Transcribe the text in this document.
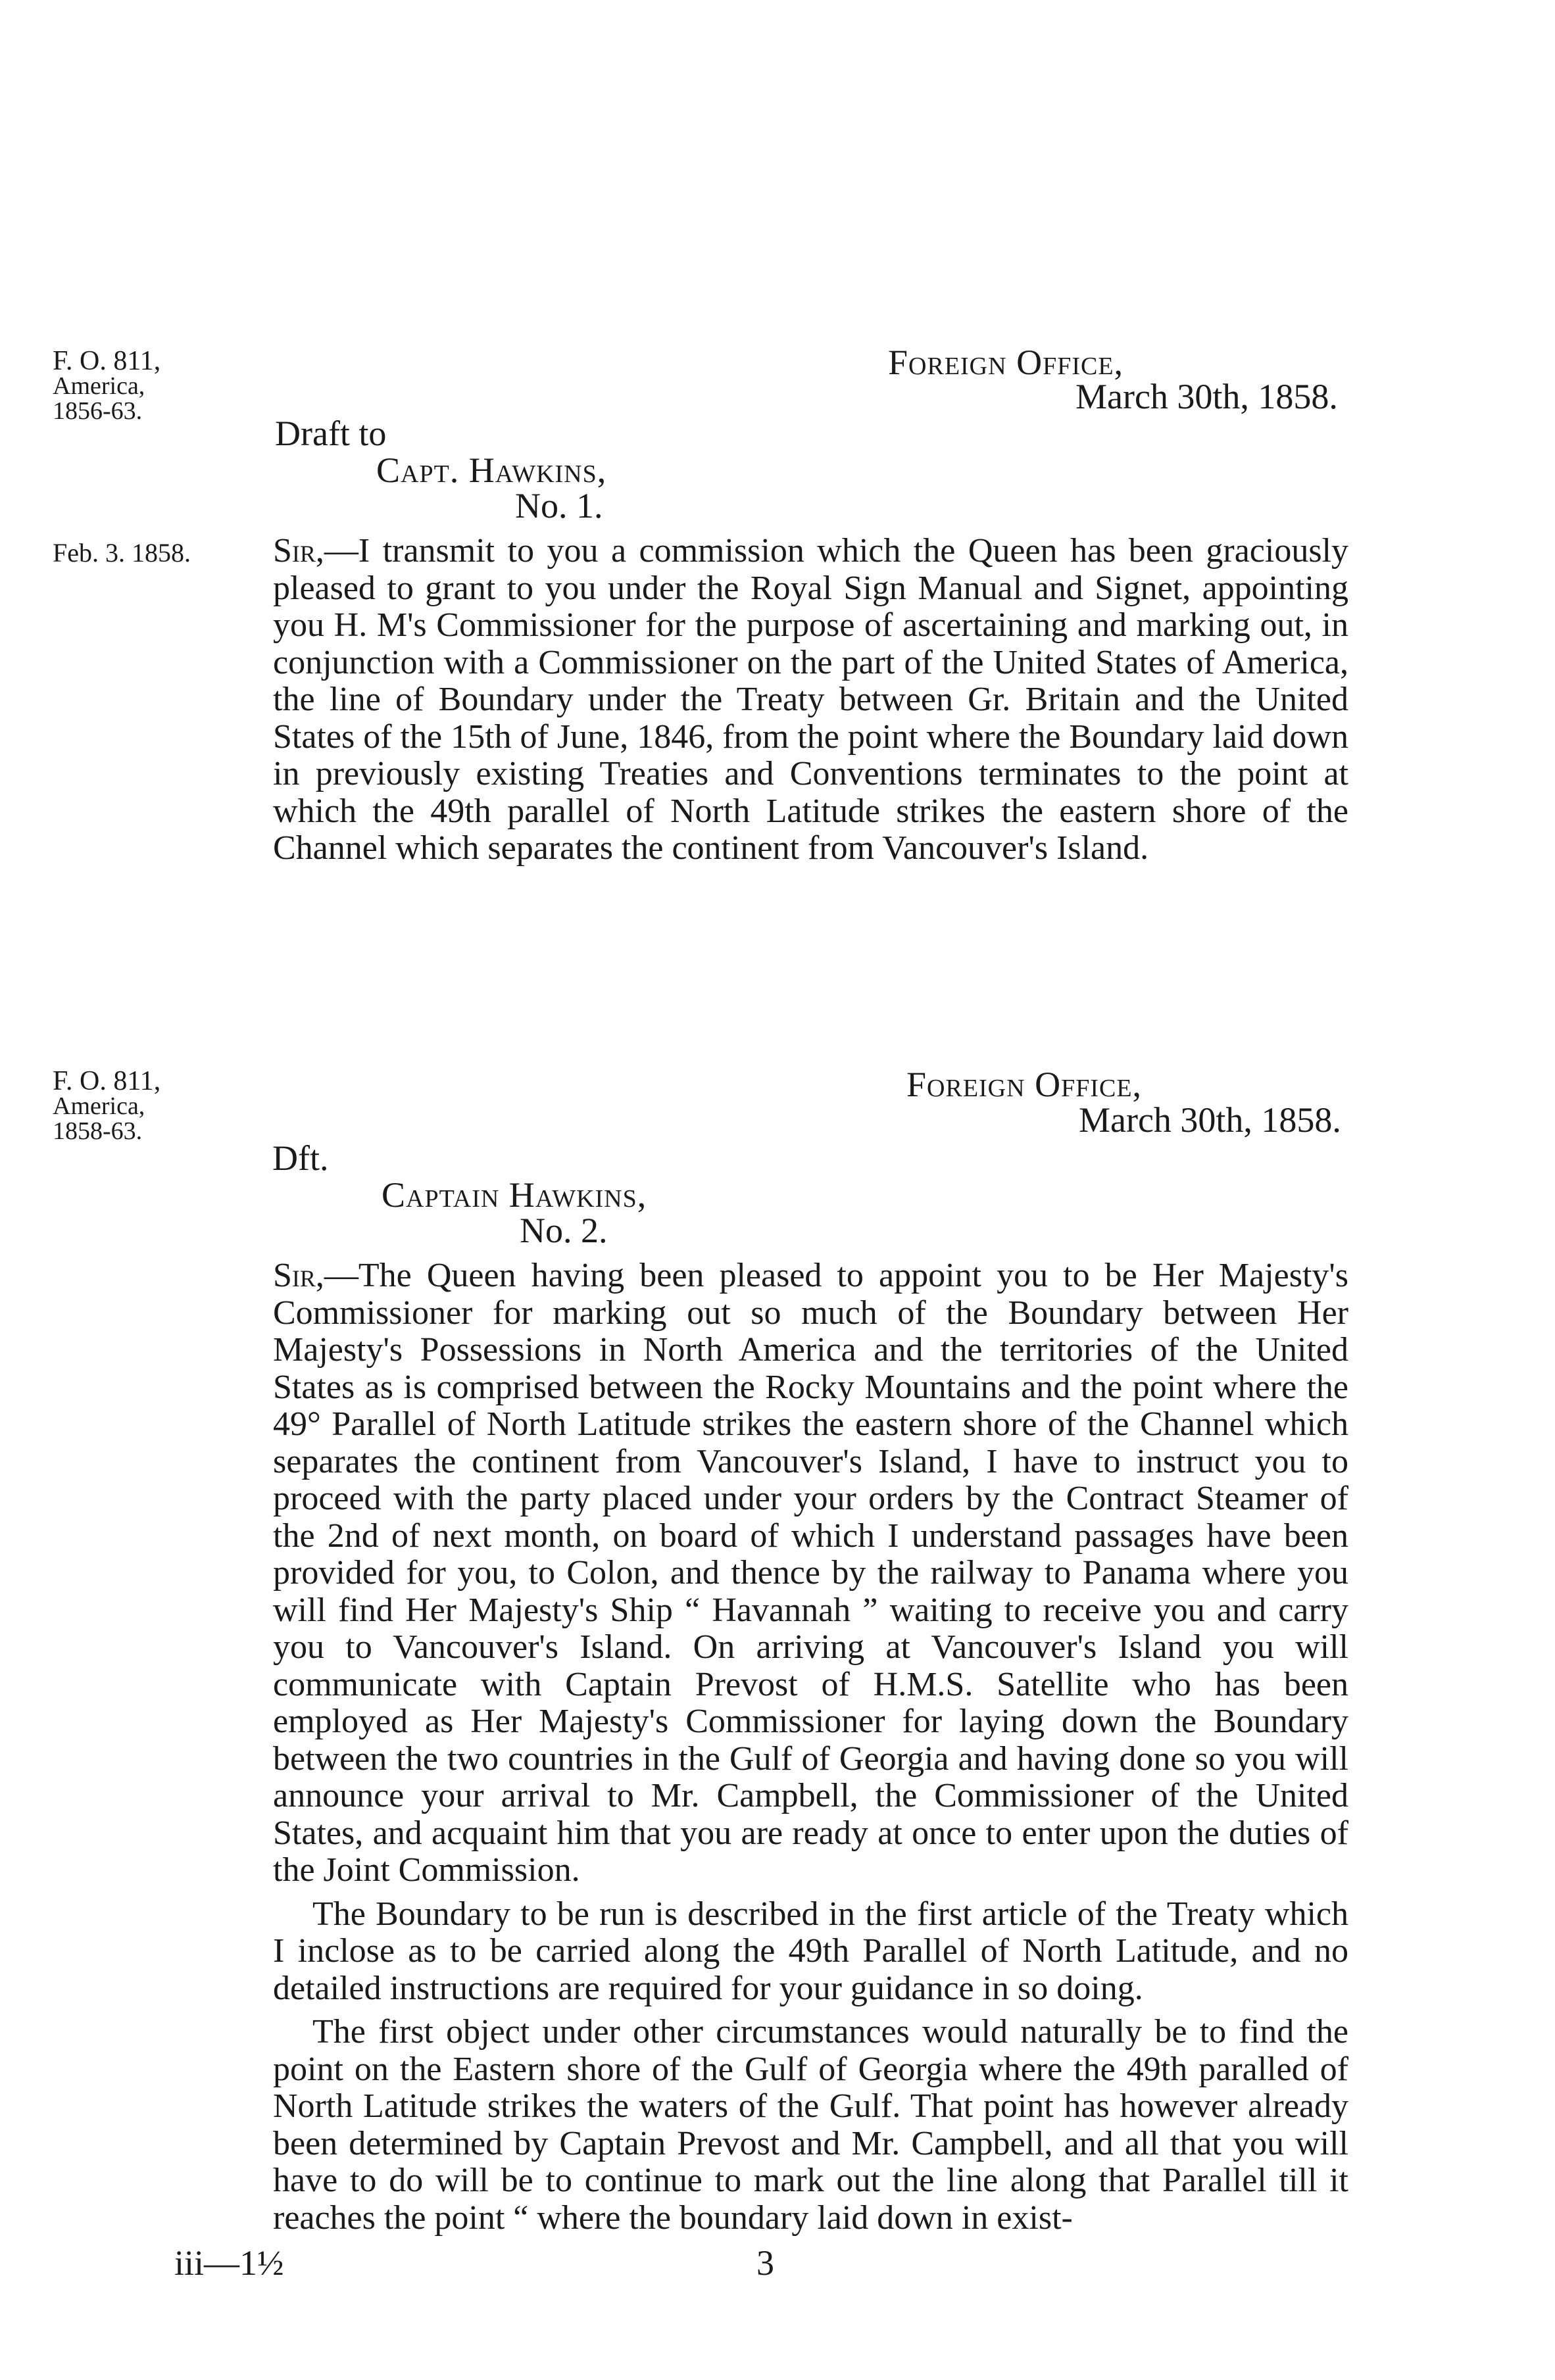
F. O. 811,
America,
1856-63.
Foreign Office,
March 30th, 1858.
Draft to
Capt. Hawkins,
No. 1.
Feb. 3. 1858. Sir,—I transmit to you a commission which the Queen has been graciously pleased to grant to you under the Royal Sign Manual and Signet, appointing you H. M's Commissioner for the purpose of ascertaining and marking out, in conjunction with a Commissioner on the part of the United States of America, the line of Boundary under the Treaty between Gr. Britain and the United States of the 15th of June, 1846, from the point where the Boundary laid down in previously existing Treaties and Conventions terminates to the point at which the 49th parallel of North Latitude strikes the eastern shore of the Channel which separates the continent from Vancouver's Island.

F. O. 811,
America,
1858-63.
Foreign Office,
March 30th, 1858.
Dft.
Captain Hawkins,
No. 2.

Sir,—The Queen having been pleased to appoint you to be Her Majesty's Commissioner for marking out so much of the Boundary between Her Majesty's Possessions in North America and the territories of the United States as is comprised between the Rocky Mountains and the point where the 49° Parallel of North Latitude strikes the eastern shore of the Channel which separates the continent from Vancouver's Island, I have to instruct you to proceed with the party placed under your orders by the Contract Steamer of the 2nd of next month, on board of which I understand passages have been provided for you, to Colon, and thence by the railway to Panama where you will find Her Majesty's Ship “ Havannah ” waiting to receive you and carry you to Vancouver's Island. On arriving at Vancouver's Island you will communicate with Captain Prevost of H.M.S. Satellite who has been employed as Her Majesty's Commissioner for laying down the Boundary between the two countries in the Gulf of Georgia and having done so you will announce your arrival to Mr. Campbell, the Commissioner of the United States, and acquaint him that you are ready at once to enter upon the duties of the Joint Commission.

The Boundary to be run is described in the first article of the Treaty which I inclose as to be carried along the 49th Parallel of North Latitude, and no detailed instructions are required for your guidance in so doing.

The first object under other circumstances would naturally be to find the point on the Eastern shore of the Gulf of Georgia where the 49th paralled of North Latitude strikes the waters of the Gulf. That point has however already been determined by Captain Prevost and Mr. Campbell, and all that you will have to do will be to continue to mark out the line along that Parallel till it reaches the point “ where the boundary laid down in exist-

iii—1½	3
